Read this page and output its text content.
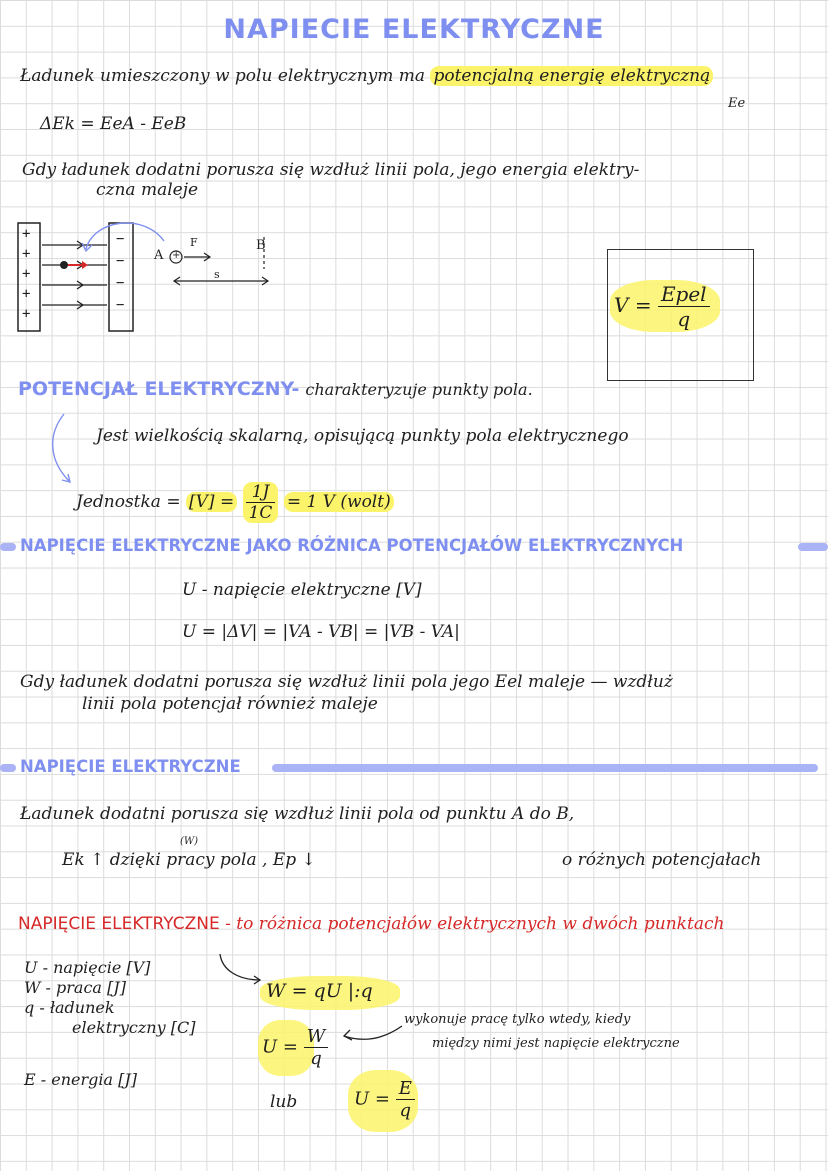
NAPIECIE ELEKTRYCZNE
Ładunek umieszczony w polu elektrycznym ma potencjalną energię elektryczną
Ee
ΔEk = EeA - EeB
Gdy ładunek dodatni porusza się wzdłuż linii pola, jego energia elektry-
czna maleje
+
+
+
+
+
−
−
−
−
A +
B
F
s
$V = \frac{\text{Epel}}{q}$
POTENCJAŁ ELEKTRYCZNY- charakteryzuje punkty pola.
Jest wielkością skalarną, opisującą punkty pola elektrycznego
Jednostka = $[V] = \frac{1J}{1C} = 1$ V (wolt)
NAPIĘCIE ELEKTRYCZNE JAKO RÓŻNICA POTENCJAŁÓW ELEKTRYCZNYCH
U - napięcie elektryczne [V]
U = |ΔV| = |VA - VB| = |VB - VA|
Gdy ładunek dodatni porusza się wzdłuż linii pola jego Eel maleje — wzdłuż
linii pola potencjał również maleje
NAPIĘCIE ELEKTRYCZNE
Ładunek dodatni porusza się wzdłuż linii pola od punktu A do B,
(W)
Ek ↑ dzięki pracy pola , Ep ↓	o różnych potencjałach
NAPIĘCIE ELEKTRYCZNE - to różnica potencjałów elektrycznych w dwóch punktach
U - napięcie [V]
W - praca [J]
q - ładunek
elektryczny [C]
E - energia [J]
W = qU |:q
$U = \frac{W}{q}$
wykonuje pracę tylko wtedy, kiedy
między nimi jest napięcie elektryczne
lub	$U = \frac{E}{q}$
